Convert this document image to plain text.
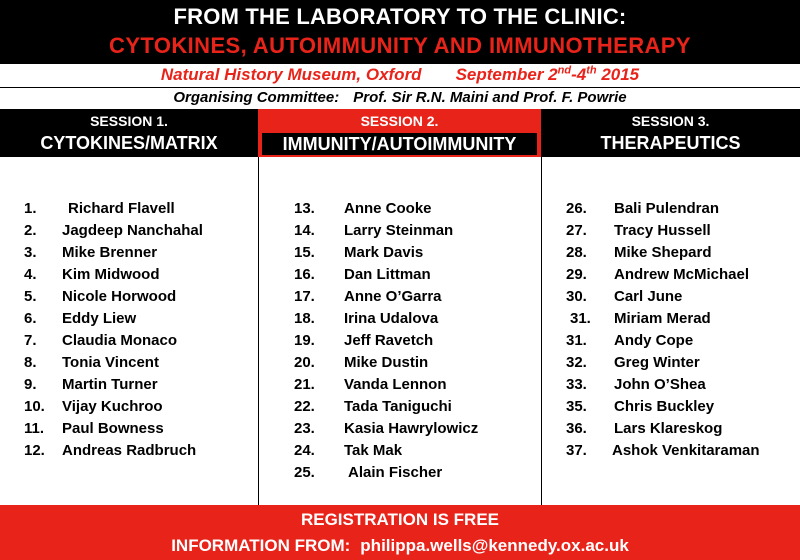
FROM THE LABORATORY TO THE CLINIC:
CYTOKINES, AUTOIMMUNITY AND IMMUNOTHERAPY
Natural History Museum, Oxford September 2nd-4th 2015
Organising Committee: Prof. Sir R.N. Maini and Prof. F. Powrie
SESSION 1.
CYTOKINES/MATRIX
SESSION 2.
IMMUNITY/AUTOIMMUNITY
SESSION 3.
THERAPEUTICS
1. Richard Flavell
2. Jagdeep Nanchahal
3. Mike Brenner
4. Kim Midwood
5. Nicole Horwood
6. Eddy Liew
7. Claudia Monaco
8. Tonia Vincent
9. Martin Turner
10. Vijay Kuchroo
11. Paul Bowness
12. Andreas Radbruch
13. Anne Cooke
14. Larry Steinman
15. Mark Davis
16. Dan Littman
17. Anne O’Garra
18. Irina Udalova
19. Jeff Ravetch
20. Mike Dustin
21. Vanda Lennon
22. Tada Taniguchi
23. Kasia Hawrylowicz
24. Tak Mak
25. Alain Fischer
26. Bali Pulendran
27. Tracy Hussell
28. Mike Shepard
29. Andrew McMichael
30. Carl June
31. Miriam Merad
31. Andy Cope
32. Greg Winter
33. John O’Shea
35. Chris Buckley
36. Lars Klareskog
37. Ashok Venkitaraman
REGISTRATION IS FREE
INFORMATION FROM: philippa.wells@kennedy.ox.ac.uk
